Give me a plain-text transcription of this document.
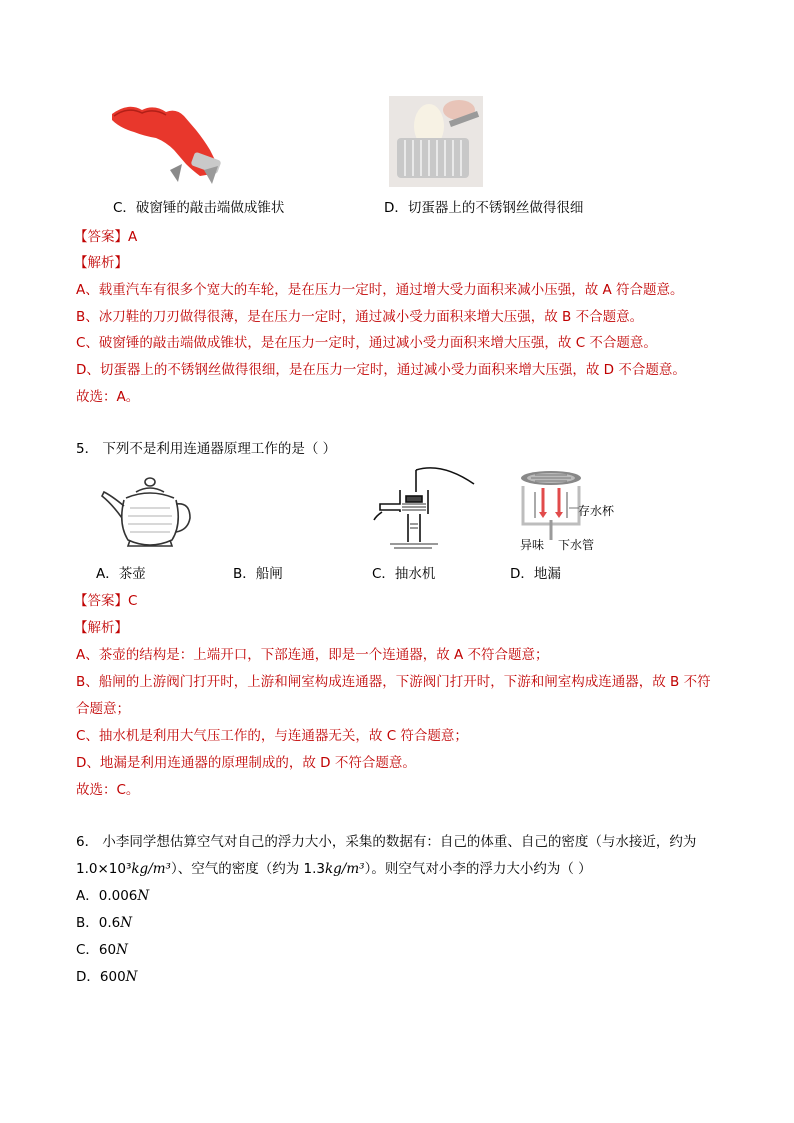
C．破窗锤的敲击端做成锥状	D．切蛋器上的不锈钢丝做得很细
【答案】A
【解析】
A、载重汽车有很多个宽大的车轮，是在压力一定时，通过增大受力面积来减小压强，故 A 符合题意。
B、冰刀鞋的刀刃做得很薄，是在压力一定时，通过减小受力面积来增大压强，故 B 不合题意。
C、破窗锤的敲击端做成锥状，是在压力一定时，通过减小受力面积来增大压强，故 C 不合题意。
D、切蛋器上的不锈钢丝做得很细，是在压力一定时，通过减小受力面积来增大压强，故 D 不合题意。
故选：A。
5． 下列不是利用连通器原理工作的是（ ）
存水杯
异味 下水管
A．茶壶	B．船闸	C．抽水机	D．地漏
【答案】C
【解析】
A、茶壶的结构是：上端开口，下部连通，即是一个连通器，故 A 不符合题意；
B、船闸的上游阀门打开时，上游和闸室构成连通器，下游阀门打开时，下游和闸室构成连通器，故 B 不符
合题意；
C、抽水机是利用大气压工作的，与连通器无关，故 C 符合题意；
D、地漏是利用连通器的原理制成的，故 D 不符合题意。
故选：C。
6． 小李同学想估算空气对自己的浮力大小，采集的数据有：自己的体重、自己的密度（与水接近，约为
1.0×10³kg/m³）、空气的密度（约为 1.3kg/m³）。则空气对小李的浮力大小约为（ ）
A．0.006N
B．0.6N
C．60N
D．600N
